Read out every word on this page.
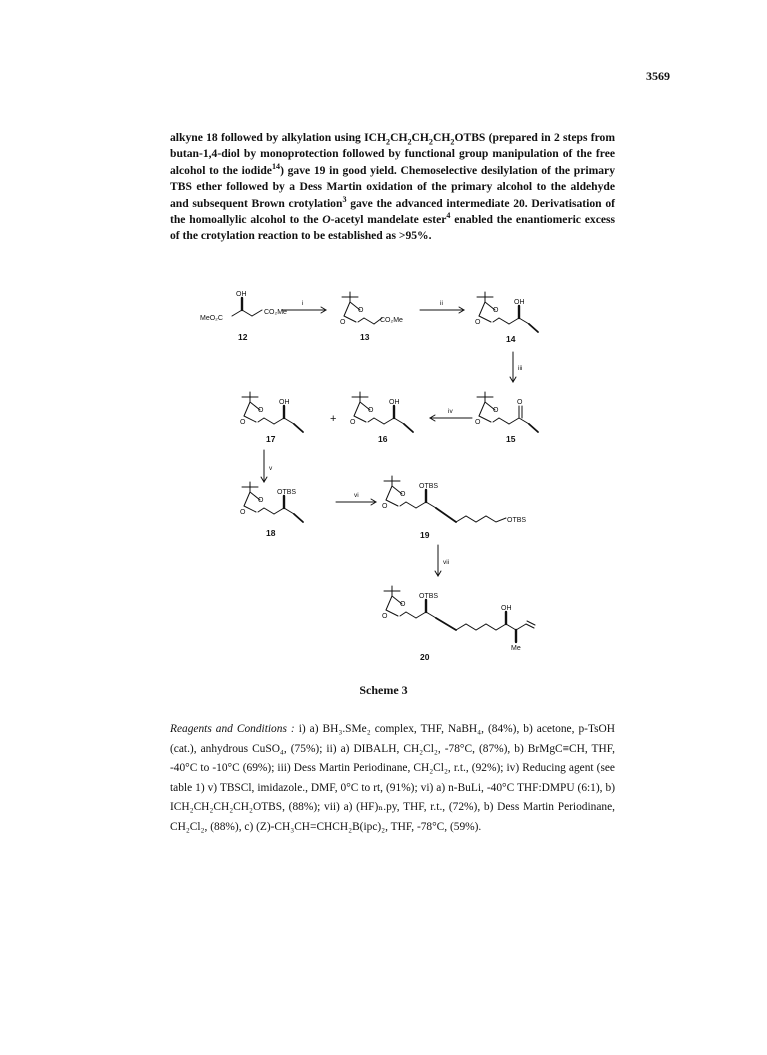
3569
alkyne 18 followed by alkylation using $ICH_2CH_2CH_2CH_2OTBS$ (prepared in 2 steps from butan-1,4-diol by monoprotection followed by functional group manipulation of the free alcohol to the iodide$^{14}$) gave 19 in good yield. Chemoselective desilylation of the primary TBS ether followed by a Dess Martin oxidation of the primary alcohol to the aldehyde and subsequent Brown crotylation$^3$ gave the advanced intermediate 20. Derivatisation of the homoallylic alcohol to the O-acetyl mandelate ester$^4$ enabled the enantiomeric excess of the crotylation reaction to be established as >95%.
OH
MeO₂C
CO₂Me	O
O	CO₂Me
O
O
OH
O
O
O
O
O
OH
O
O
OH
O
O
OTBS	O
O
OTBS
OTBS
O
O
OTBS
OH
Me
i	ii
iii
iv
v
vi
vii
+
12	13	14
15
16
17
18	19
20
Scheme 3
Reagents and Conditions : i) a) BH₃.SMe₂ complex, THF, NaBH₄, (84%), b) acetone, p-TsOH (cat.), anhydrous CuSO₄, (75%); ii) a) DIBALH, CH₂Cl₂, -78°C, (87%), b) BrMgC≡CH, THF, -40°C to -10°C (69%); iii) Dess Martin Periodinane, CH₂Cl₂, r.t., (92%); iv) Reducing agent (see table 1) v) TBSCl, imidazole., DMF, 0°C to rt, (91%); vi) a) n-BuLi, -40°C THF:DMPU (6:1), b) ICH₂CH₂CH₂CH₂OTBS, (88%); vii) a) (HF)ₙ.py, THF, r.t., (72%), b) Dess Martin Periodinane, CH₂Cl₂, (88%), c) (Z)-CH₃CH=CHCH₂B(ipc)₂, THF, -78°C, (59%).
